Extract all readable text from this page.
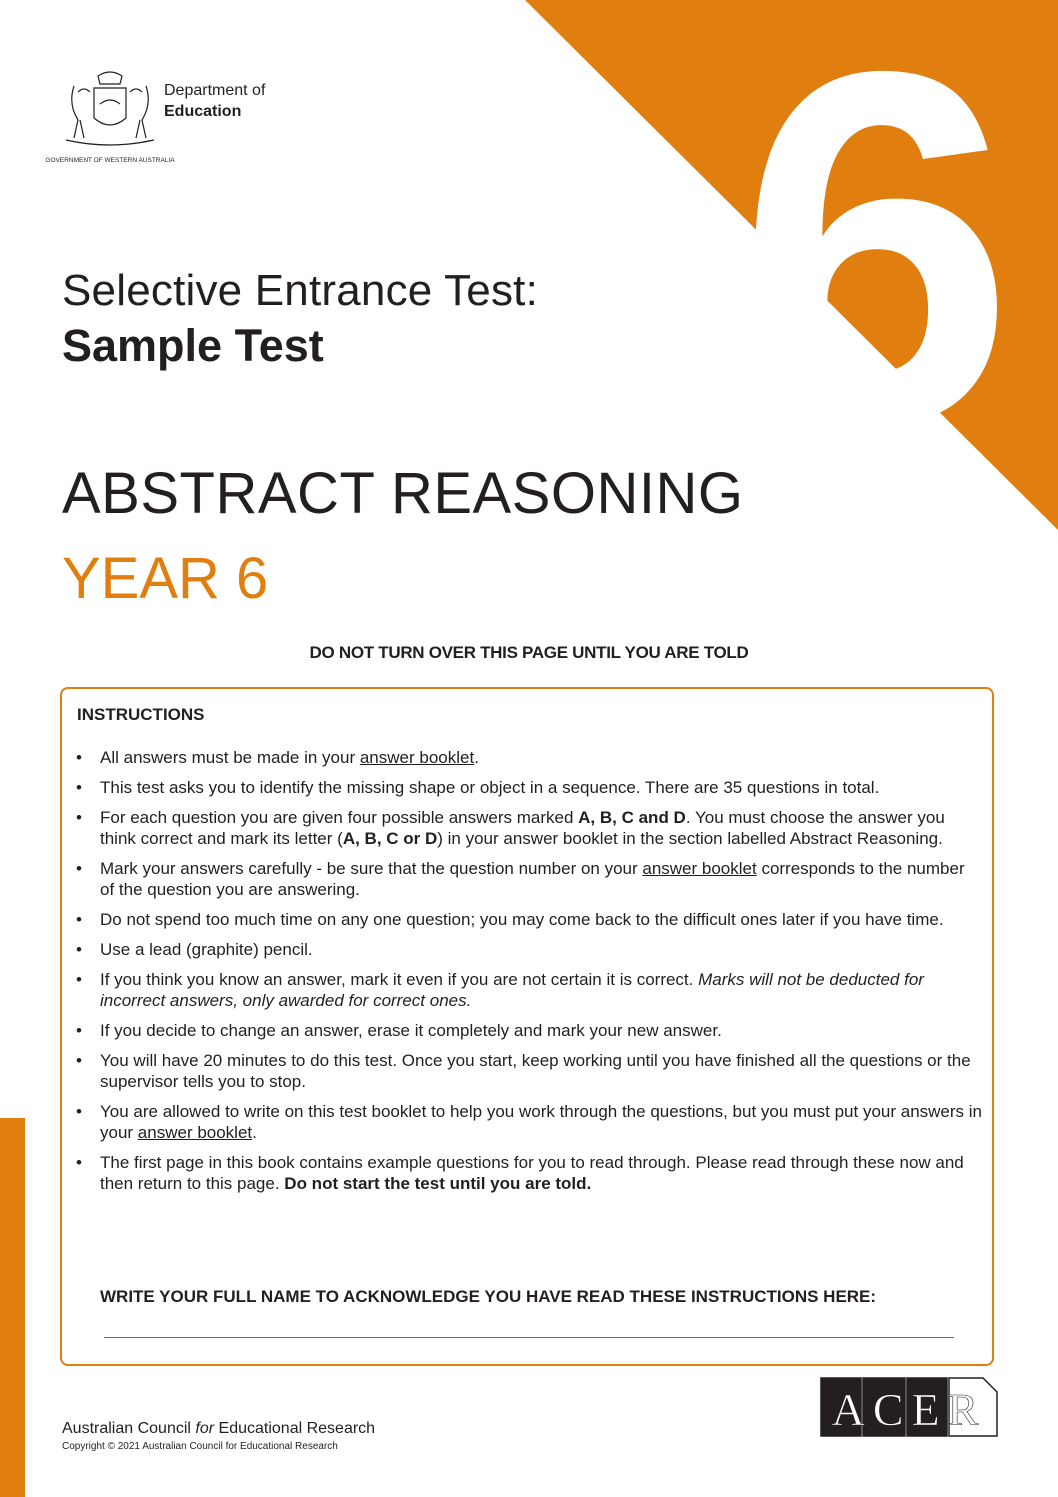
6
GOVERNMENT OF WESTERN AUSTRALIA
Department of
Education
Selective Entrance Test:
Sample Test
ABSTRACT REASONING
YEAR 6
DO NOT TURN OVER THIS PAGE UNTIL YOU ARE TOLD
INSTRUCTIONS
• All answers must be made in your answer booklet.
• This test asks you to identify the missing shape or object in a sequence. There are 35 questions in total.
• For each question you are given four possible answers marked A, B, C and D. You must choose the answer you think correct and mark its letter (A, B, C or D) in your answer booklet in the section labelled Abstract Reasoning.
• Mark your answers carefully - be sure that the question number on your answer booklet corresponds to the number of the question you are answering.
• Do not spend too much time on any one question; you may come back to the difficult ones later if you have time.
• Use a lead (graphite) pencil.
• If you think you know an answer, mark it even if you are not certain it is correct. Marks will not be deducted for incorrect answers, only awarded for correct ones.
• If you decide to change an answer, erase it completely and mark your new answer.
• You will have 20 minutes to do this test. Once you start, keep working until you have finished all the questions or the supervisor tells you to stop.
• You are allowed to write on this test booklet to help you work through the questions, but you must put your answers in your answer booklet.
• The first page in this book contains example questions for you to read through. Please read through these now and then return to this page. Do not start the test until you are told.
WRITE YOUR FULL NAME TO ACKNOWLEDGE YOU HAVE READ THESE INSTRUCTIONS HERE:
ACER
Australian Council for Educational Research
Copyright © 2021 Australian Council for Educational Research
